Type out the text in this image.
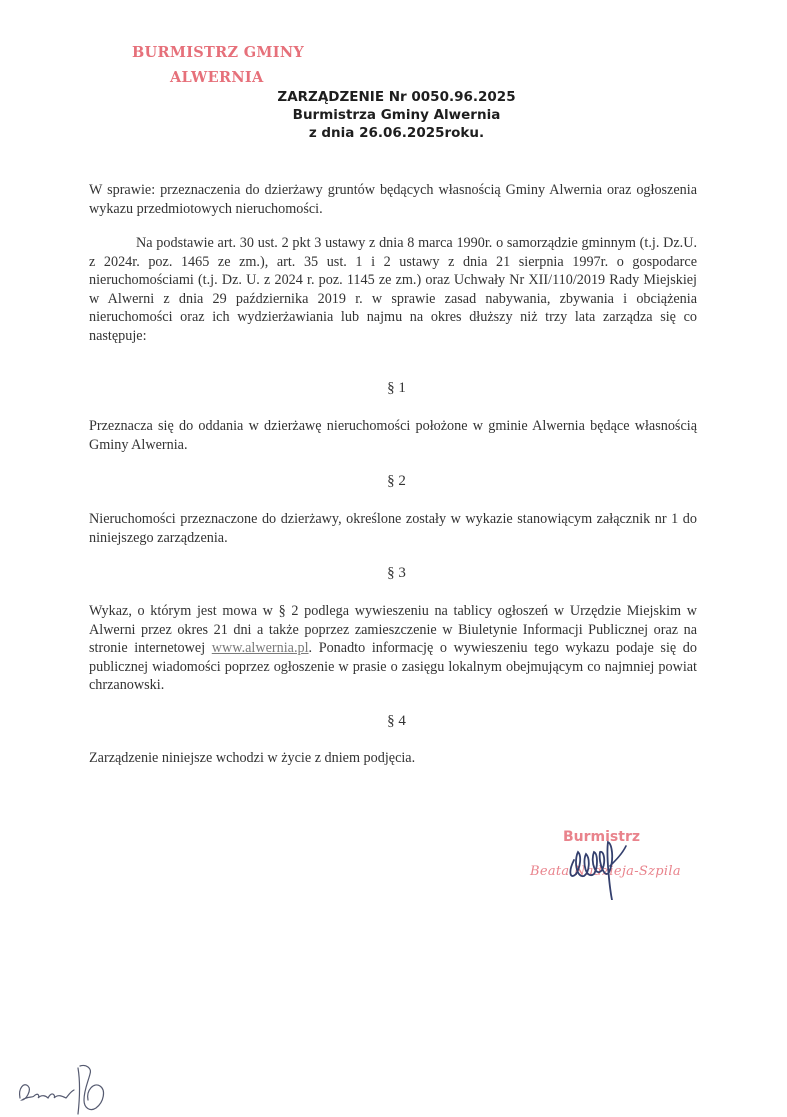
BURMISTRZ GMINY
ALWERNIA
ZARZĄDZENIE Nr 0050.96.2025
Burmistrza Gminy Alwernia
z dnia 26.06.2025roku.

W sprawie: przeznaczenia do dzierżawy gruntów będących własnością Gminy Alwernia oraz ogłoszenia wykazu przedmiotowych nieruchomości.

Na podstawie art. 30 ust. 2 pkt 3 ustawy z dnia 8 marca 1990r. o samorządzie gminnym (t.j. Dz.U. z 2024r. poz. 1465 ze zm.), art. 35 ust. 1 i 2 ustawy z dnia 21 sierpnia 1997r. o gospodarce nieruchomościami (t.j. Dz. U. z 2024 r. poz. 1145 ze zm.) oraz Uchwały Nr XII/110/2019 Rady Miejskiej w Alwerni z dnia 29 października 2019 r. w sprawie zasad nabywania, zbywania i obciążenia nieruchomości oraz ich wydzierżawiania lub najmu na okres dłuższy niż trzy lata zarządza się co następuje:

§ 1

Przeznacza się do oddania w dzierżawę nieruchomości położone w gminie Alwernia będące własnością Gminy Alwernia.

§ 2

Nieruchomości przeznaczone do dzierżawy, określone zostały w wykazie stanowiącym załącznik nr 1 do niniejszego zarządzenia.

§ 3

Wykaz, o którym jest mowa w § 2 podlega wywieszeniu na tablicy ogłoszeń w Urzędzie Miejskim w Alwerni przez okres 21 dni a także poprzez zamieszczenie w Biuletynie Informacji Publicznej oraz na stronie internetowej www.alwernia.pl. Ponadto informację o wywieszeniu tego wykazu podaje się do publicznej wiadomości poprzez ogłoszenie w prasie o zasięgu lokalnym obejmującym co najmniej powiat chrzanowski.

§ 4

Zarządzenie niniejsze wchodzi w życie z dniem podjęcia.

Burmistrz
Beata Nadzieja-Szpila
